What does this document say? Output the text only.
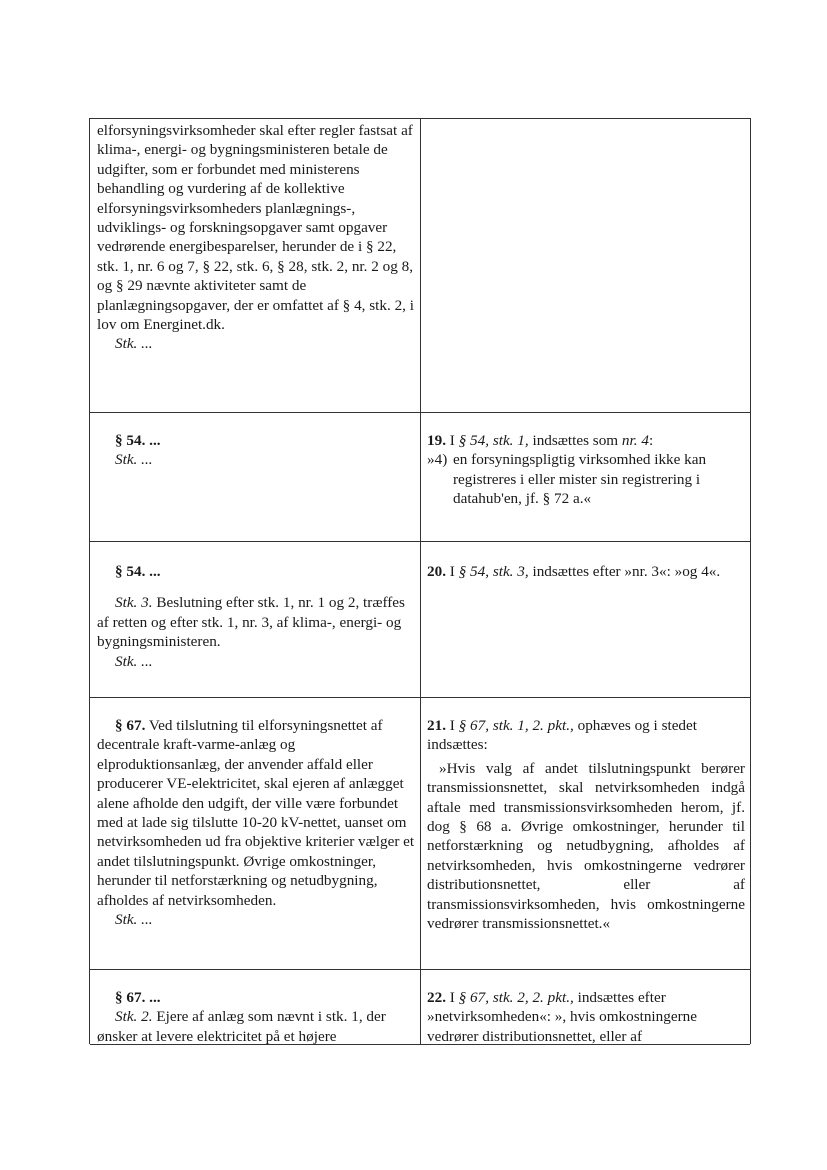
elforsyningsvirksomheder skal efter regler fastsat af klima-, energi- og bygningsministeren betale de udgifter, som er forbundet med ministerens behandling og vurdering af de kollektive elforsyningsvirksomheders planlægnings-, udviklings- og forskningsopgaver samt opgaver vedrørende energibesparelser, herunder de i § 22, stk. 1, nr. 6 og 7, § 22, stk. 6, § 28, stk. 2, nr. 2 og 8, og § 29 nævnte aktiviteter samt de planlægningsopgaver, der er omfattet af § 4, stk. 2, i lov om Energinet.dk.

Stk. ...

§ 54. ...

Stk. ...

19. I § 54, stk. 1, indsættes som nr. 4:

»4) en forsyningspligtig virksomhed ikke kan registreres i eller mister sin registrering i datahub'en, jf. § 72 a.«

§ 54. ...

Stk. 3. Beslutning efter stk. 1, nr. 1 og 2, træffes af retten og efter stk. 1, nr. 3, af klima-, energi- og bygningsministeren.

Stk. ...

20. I § 54, stk. 3, indsættes efter »nr. 3«: »og 4«.

§ 67. Ved tilslutning til elforsyningsnettet af decentrale kraft-varme-anlæg og elproduktionsanlæg, der anvender affald eller producerer VE-elektricitet, skal ejeren af anlægget alene afholde den udgift, der ville være forbundet med at lade sig tilslutte 10-20 kV-nettet, uanset om netvirksomheden ud fra objektive kriterier vælger et andet tilslutningspunkt. Øvrige omkostninger, herunder til netforstærkning og netudbygning, afholdes af netvirksomheden.

Stk. ...

21. I § 67, stk. 1, 2. pkt., ophæves og i stedet indsættes:

»Hvis valg af andet tilslutningspunkt berører transmissionsnettet, skal netvirksomheden indgå aftale med transmissionsvirksomheden herom, jf. dog § 68 a. Øvrige omkostninger, herunder til netforstærkning og netudbygning, afholdes af netvirksomheden, hvis omkostningerne vedrører distributionsnettet, eller af transmissionsvirksomheden, hvis omkostningerne vedrører transmissionsnettet.«

§ 67. ...

Stk. 2. Ejere af anlæg som nævnt i stk. 1, der ønsker at levere elektricitet på et højere

22. I § 67, stk. 2, 2. pkt., indsættes efter »netvirksomheden«: », hvis omkostningerne vedrører distributionsnettet, eller af
